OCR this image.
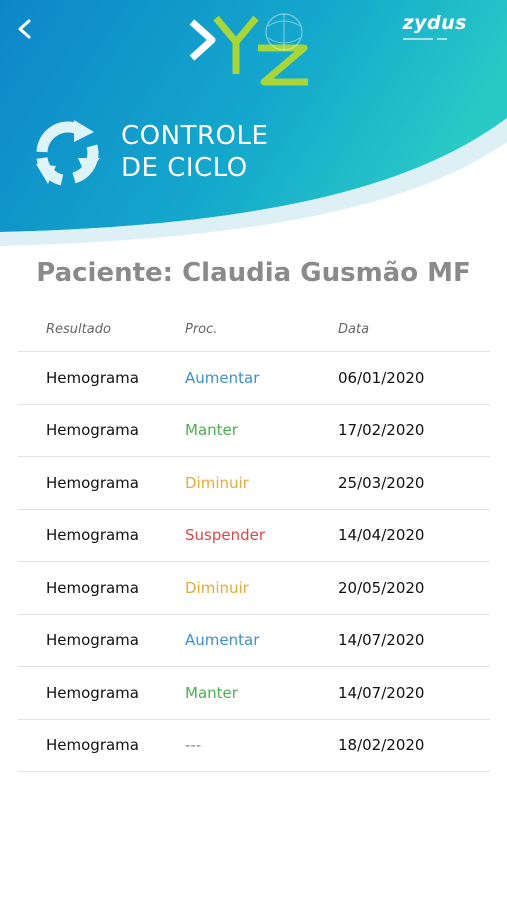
zydus
CONTROLE
DE CICLO
Paciente: Claudia Gusmão MF
Resultado	Proc.	Data
Hemograma	Aumentar	06/01/2020
Hemograma	Manter	17/02/2020
Hemograma	Diminuir	25/03/2020
Hemograma	Suspender	14/04/2020
Hemograma	Diminuir	20/05/2020
Hemograma	Aumentar	14/07/2020
Hemograma	Manter	14/07/2020
Hemograma	---	18/02/2020
